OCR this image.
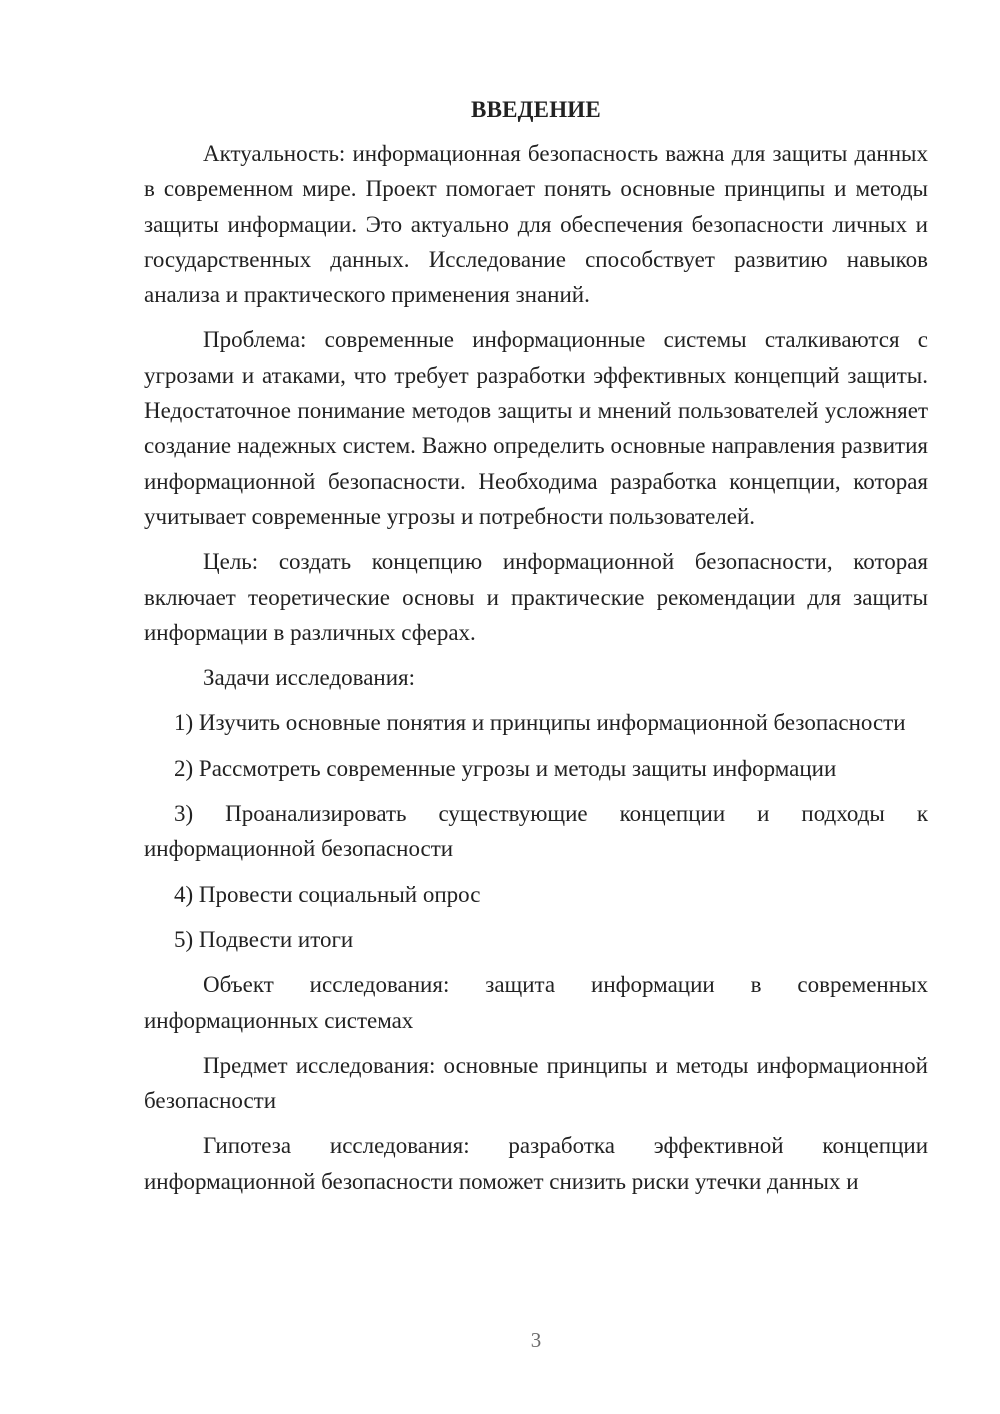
ВВЕДЕНИЕ

Актуальность: информационная безопасность важна для защиты данных в современном мире. Проект помогает понять основные принципы и методы защиты информации. Это актуально для обеспечения безопасности личных и государственных данных. Исследование способствует развитию навыков анализа и практического применения знаний.

Проблема: современные информационные системы сталкиваются с угрозами и атаками, что требует разработки эффективных концепций защиты. Недостаточное понимание методов защиты и мнений пользователей усложняет создание надежных систем. Важно определить основные направления развития информационной безопасности. Необходима разработка концепции, которая учитывает современные угрозы и потребности пользователей.

Цель: создать концепцию информационной безопасности, которая включает теоретические основы и практические рекомендации для защиты информации в различных сферах.

Задачи исследования:

1) Изучить основные понятия и принципы информационной безопасности

2) Рассмотреть современные угрозы и методы защиты информации

3) Проанализировать существующие концепции и подходы к информационной безопасности

4) Провести социальный опрос

5) Подвести итоги

Объект исследования: защита информации в современных информационных системах

Предмет исследования: основные принципы и методы информационной безопасности

Гипотеза исследования: разработка эффективной концепции информационной безопасности поможет снизить риски утечки данных и

3
